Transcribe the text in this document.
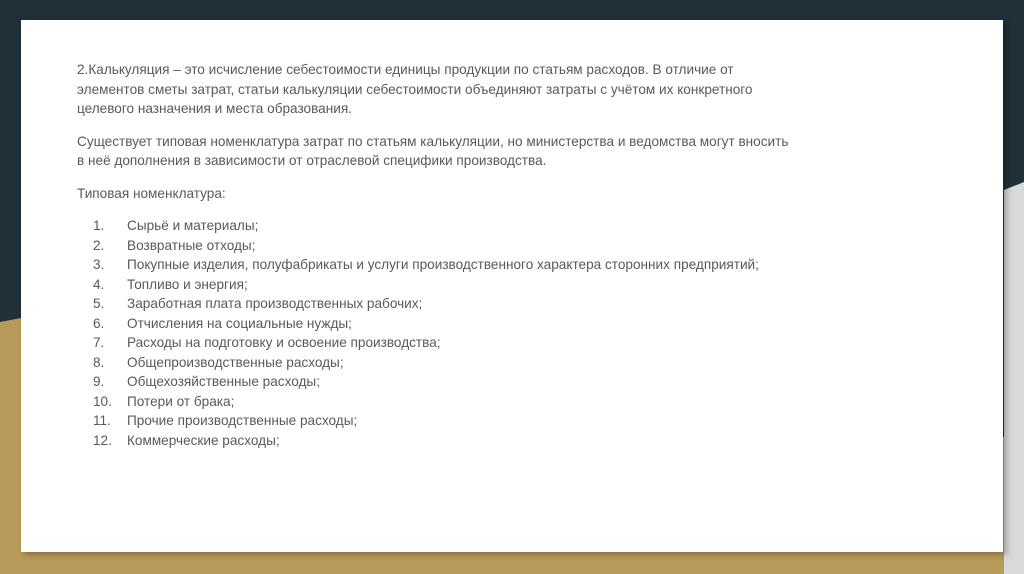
2.Калькуляция – это исчисление себестоимости единицы продукции по статьям расходов. В отличие от
элементов сметы затрат, статьи калькуляции себестоимости объединяют затраты с учётом их конкретного
целевого назначения и места образования.
Существует типовая номенклатура затрат по статьям калькуляции, но министерства и ведомства могут вносить
в неё дополнения в зависимости от отраслевой специфики производства.
Типовая номенклатура:
1.	Сырьё и материалы;
2.	Возвратные отходы;
3.	Покупные изделия, полуфабрикаты и услуги производственного характера сторонних предприятий;
4.	Топливо и энергия;
5.	Заработная плата производственных рабочих;
6.	Отчисления на социальные нужды;
7.	Расходы на подготовку и освоение производства;
8.	Общепроизводственные расходы;
9.	Общехозяйственные расходы;
10.	Потери от брака;
11.	Прочие производственные расходы;
12.	Коммерческие расходы;
